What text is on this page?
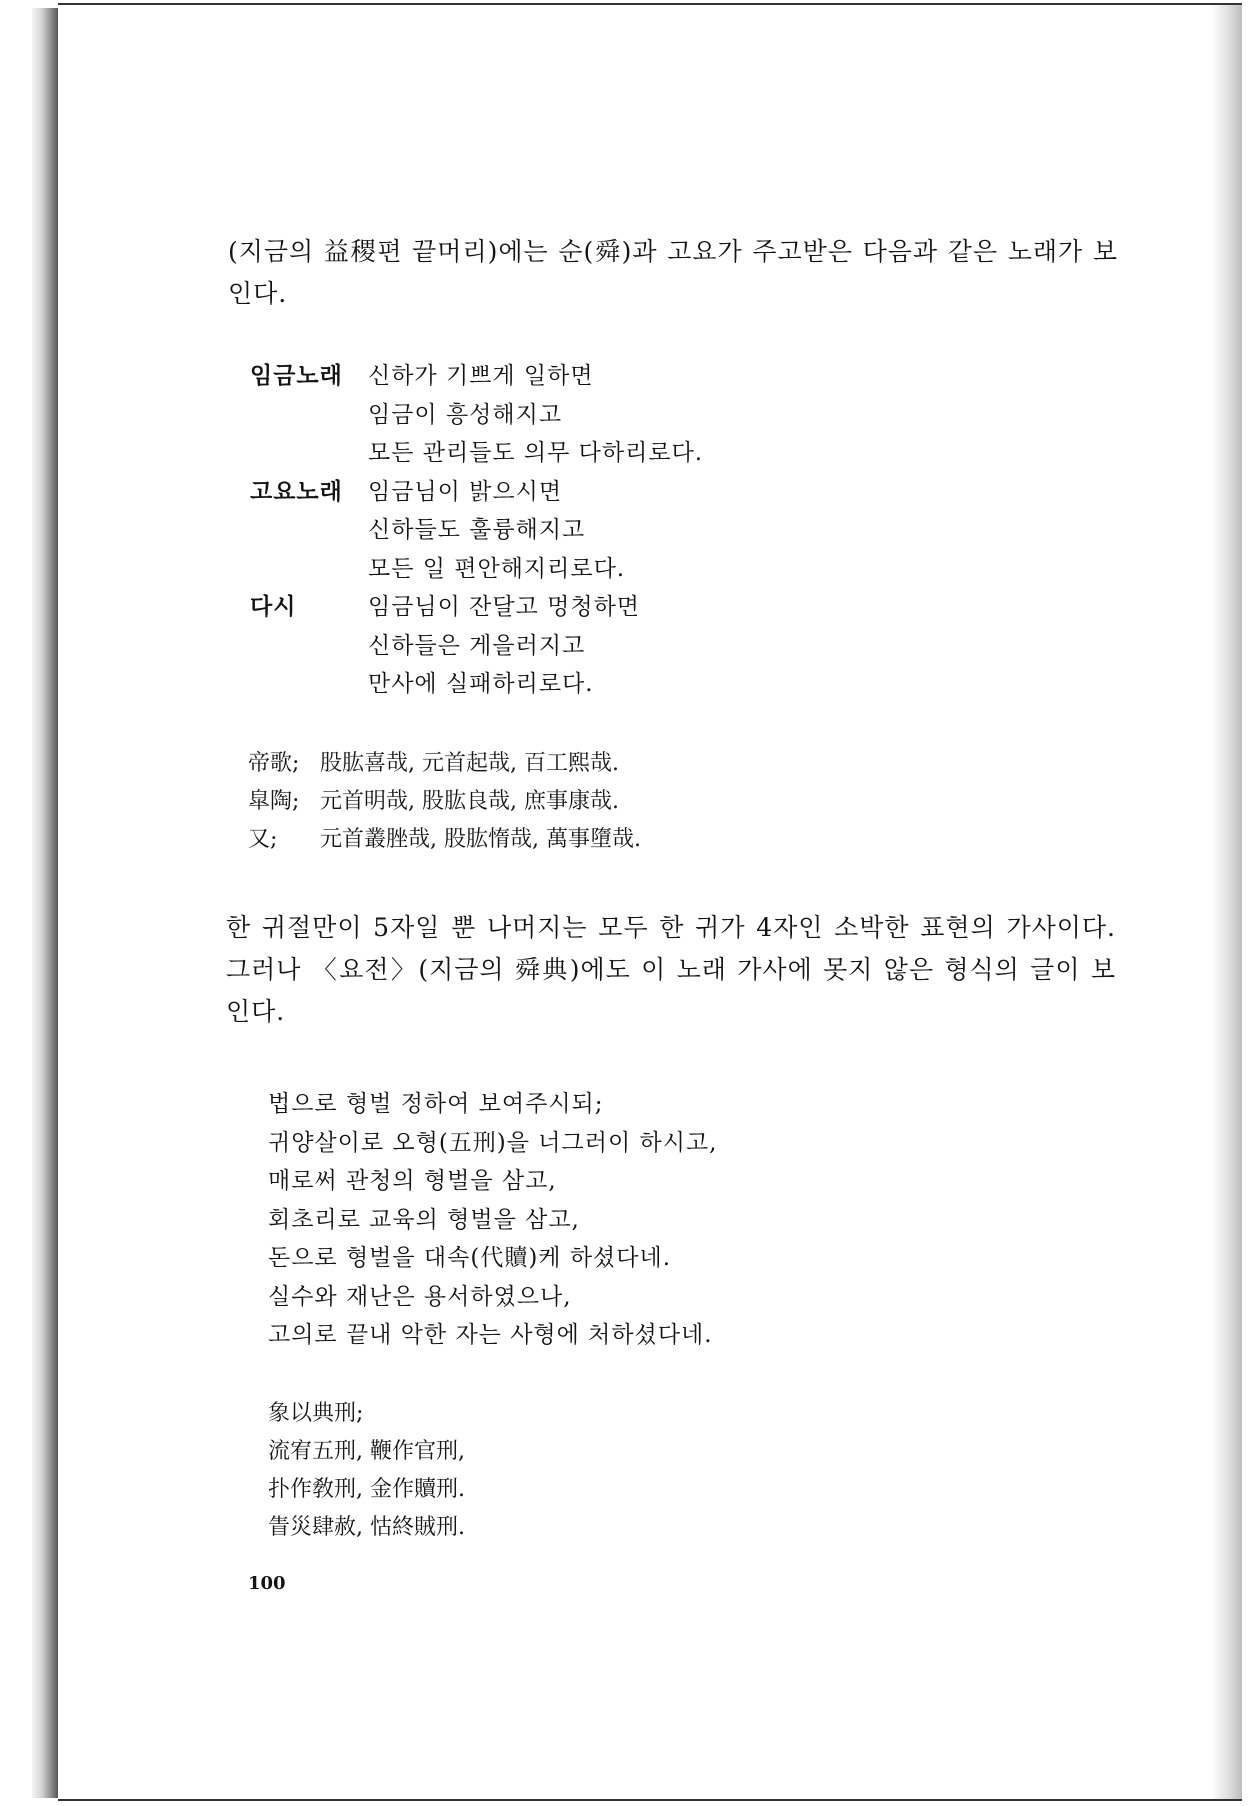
(지금의 益稷편 끝머리)에는 순(舜)과 고요가 주고받은 다음과 같은 노래가 보인다.

임금노래	신하가 기쁘게 일하면
임금이 흥성해지고
모든 관리들도 의무 다하리로다.
고요노래	임금님이 밝으시면
신하들도 훌륭해지고
모든 일 편안해지리로다.
다시	임금님이 잔달고 멍청하면
신하들은 게을러지고
만사에 실패하리로다.
帝歌; 股肱喜哉, 元首起哉, 百工熙哉.
皐陶; 元首明哉, 股肱良哉, 庶事康哉.
又;	元首叢脞哉, 股肱惰哉, 萬事墮哉.

한 귀절만이 5자일 뿐 나머지는 모두 한 귀가 4자인 소박한 표현의 가사이다. 그러나 〈요전〉(지금의 舜典)에도 이 노래 가사에 못지 않은 형식의 글이 보인다.

법으로 형벌 정하여 보여주시되;
귀양살이로 오형(五刑)을 너그러이 하시고,
매로써 관청의 형벌을 삼고,
회초리로 교육의 형벌을 삼고,
돈으로 형벌을 대속(代贖)케 하셨다네.
실수와 재난은 용서하였으나,
고의로 끝내 악한 자는 사형에 처하셨다네.
象以典刑;
流宥五刑, 鞭作官刑,
扑作敎刑, 金作贖刑.
眚災肆赦, 怙終賊刑.
100
